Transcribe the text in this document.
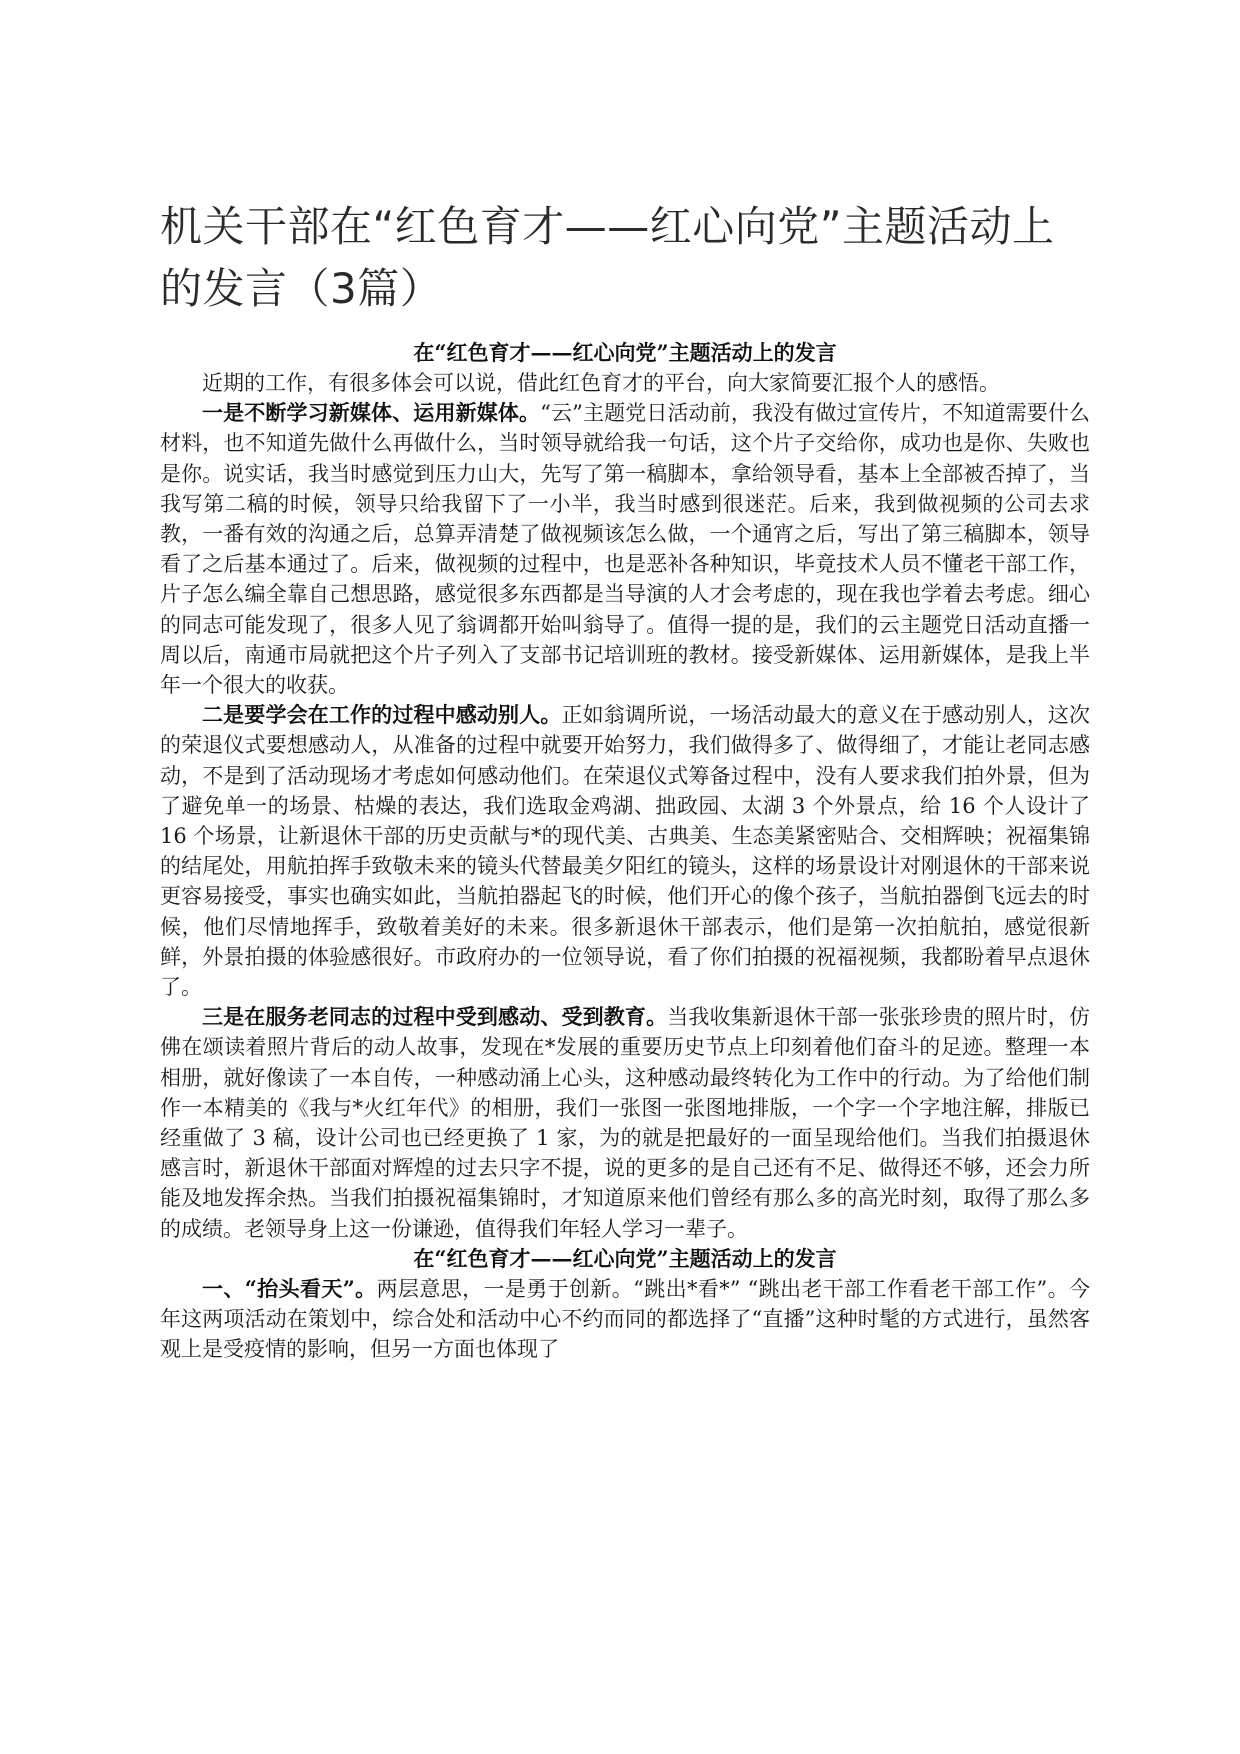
机关干部在“红色育才——红心向党”主题活动上的发言（3篇）
在“红色育才——红心向党”主题活动上的发言

近期的工作，有很多体会可以说，借此红色育才的平台，向大家简要汇报个人的感悟。

一是不断学习新媒体、运用新媒体。“云”主题党日活动前，我没有做过宣传片，不知道需要什么材料，也不知道先做什么再做什么，当时领导就给我一句话，这个片子交给你，成功也是你、失败也是你。说实话，我当时感觉到压力山大，先写了第一稿脚本，拿给领导看，基本上全部被否掉了，当我写第二稿的时候，领导只给我留下了一小半，我当时感到很迷茫。后来，我到做视频的公司去求教，一番有效的沟通之后，总算弄清楚了做视频该怎么做，一个通宵之后，写出了第三稿脚本，领导看了之后基本通过了。后来，做视频的过程中，也是恶补各种知识，毕竟技术人员不懂老干部工作，片子怎么编全靠自己想思路，感觉很多东西都是当导演的人才会考虑的，现在我也学着去考虑。细心的同志可能发现了，很多人见了翁调都开始叫翁导了。值得一提的是，我们的云主题党日活动直播一周以后，南通市局就把这个片子列入了支部书记培训班的教材。接受新媒体、运用新媒体，是我上半年一个很大的收获。

二是要学会在工作的过程中感动别人。正如翁调所说，一场活动最大的意义在于感动别人，这次的荣退仪式要想感动人，从准备的过程中就要开始努力，我们做得多了、做得细了，才能让老同志感动，不是到了活动现场才考虑如何感动他们。在荣退仪式筹备过程中，没有人要求我们拍外景，但为了避免单一的场景、枯燥的表达，我们选取金鸡湖、拙政园、太湖 3 个外景点，给 16 个人设计了 16 个场景，让新退休干部的历史贡献与*的现代美、古典美、生态美紧密贴合、交相辉映；祝福集锦的结尾处，用航拍挥手致敬未来的镜头代替最美夕阳红的镜头，这样的场景设计对刚退休的干部来说更容易接受，事实也确实如此，当航拍器起飞的时候，他们开心的像个孩子，当航拍器倒飞远去的时候，他们尽情地挥手，致敬着美好的未来。很多新退休干部表示，他们是第一次拍航拍，感觉很新鲜，外景拍摄的体验感很好。市政府办的一位领导说，看了你们拍摄的祝福视频，我都盼着早点退休了。

三是在服务老同志的过程中受到感动、受到教育。当我收集新退休干部一张张珍贵的照片时，仿佛在颂读着照片背后的动人故事，发现在*发展的重要历史节点上印刻着他们奋斗的足迹。整理一本相册，就好像读了一本自传，一种感动涌上心头，这种感动最终转化为工作中的行动。为了给他们制作一本精美的《我与*火红年代》的相册，我们一张图一张图地排版，一个字一个字地注解，排版已经重做了 3 稿，设计公司也已经更换了 1 家，为的就是把最好的一面呈现给他们。当我们拍摄退休感言时，新退休干部面对辉煌的过去只字不提，说的更多的是自己还有不足、做得还不够，还会力所能及地发挥余热。当我们拍摄祝福集锦时，才知道原来他们曾经有那么多的高光时刻，取得了那么多的成绩。老领导身上这一份谦逊，值得我们年轻人学习一辈子。

在“红色育才——红心向党”主题活动上的发言

一、“抬头看天”。两层意思，一是勇于创新。“跳出*看*” “跳出老干部工作看老干部工作”。今年这两项活动在策划中，综合处和活动中心不约而同的都选择了“直播”这种时髦的方式进行，虽然客观上是受疫情的影响，但另一方面也体现了
